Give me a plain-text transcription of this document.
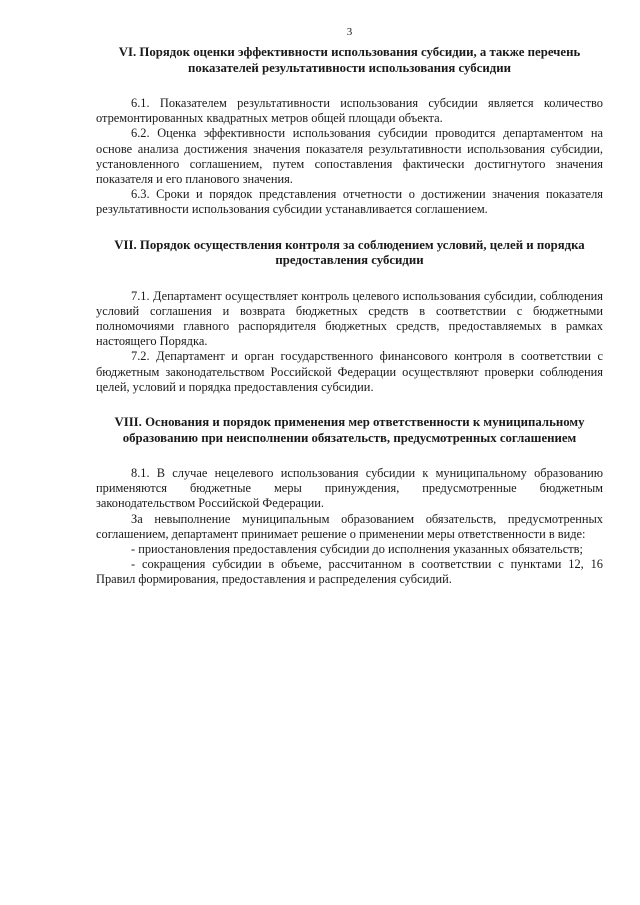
3
VI. Порядок оценки эффективности использования субсидии, а также перечень показателей результативности использования субсидии

6.1. Показателем результативности использования субсидии является количество отремонтированных квадратных метров общей площади объекта.

6.2. Оценка эффективности использования субсидии проводится департаментом на основе анализа достижения значения показателя результативности использования субсидии, установленного соглашением, путем сопоставления фактически достигнутого значения показателя и его планового значения.

6.3. Сроки и порядок представления отчетности о достижении значения показателя результативности использования субсидии устанавливается соглашением.

VII. Порядок осуществления контроля за соблюдением условий, целей и порядка предоставления субсидии

7.1. Департамент осуществляет контроль целевого использования субсидии, соблюдения условий соглашения и возврата бюджетных средств в соответствии с бюджетными полномочиями главного распорядителя бюджетных средств, предоставляемых в рамках настоящего Порядка.

7.2. Департамент и орган государственного финансового контроля в соответствии с бюджетным законодательством Российской Федерации осуществляют проверки соблюдения целей, условий и порядка предоставления субсидии.

VIII. Основания и порядок применения мер ответственности к муниципальному образованию при неисполнении обязательств, предусмотренных соглашением

8.1. В случае нецелевого использования субсидии к муниципальному образованию применяются бюджетные меры принуждения, предусмотренные бюджетным законодательством Российской Федерации.

За невыполнение муниципальным образованием обязательств, предусмотренных соглашением, департамент принимает решение о применении меры ответственности в виде:

- приостановления предоставления субсидии до исполнения указанных обязательств;

- сокращения субсидии в объеме, рассчитанном в соответствии с пунктами 12, 16 Правил формирования, предоставления и распределения субсидий.
